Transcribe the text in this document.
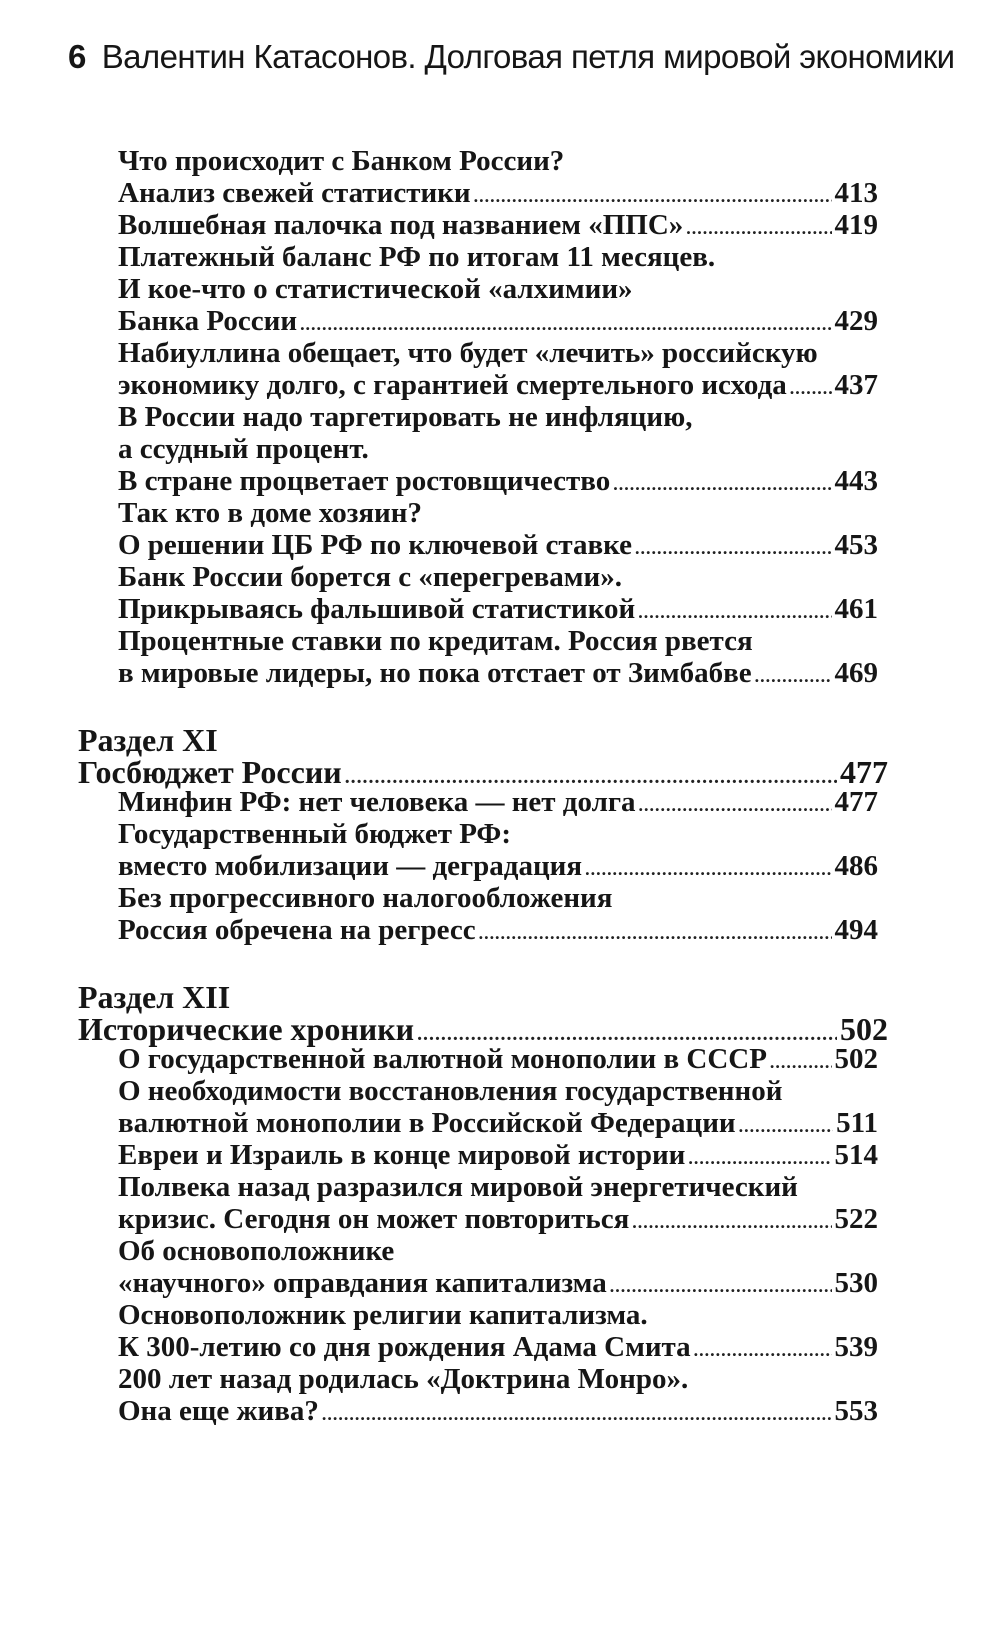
6 Валентин Катасонов. Долговая петля мировой экономики
Что происходит с Банком России?
Анализ свежей статистики .....	413
Волшебная палочка под названием «ППС» .....	419
Платежный баланс РФ по итогам 11 месяцев.
И кое-что о статистической «алхимии»
Банка России .....	429
Набиуллина обещает, что будет «лечить» российскую
экономику долго, с гарантией смертельного исхода ..... 437
В России надо таргетировать не инфляцию,
а ссудный процент.
В стране процветает ростовщичество .....	443
Так кто в доме хозяин?
О решении ЦБ РФ по ключевой ставке .....	453
Банк России борется с «перегревами».
Прикрываясь фальшивой статистикой .....	461
Процентные ставки по кредитам. Россия рвется
в мировые лидеры, но пока отстает от Зимбабве .....	469
Раздел XI
Госбюджет России .....	477
Минфин РФ: нет человека — нет долга .....	477
Государственный бюджет РФ:
вместо мобилизации — деградация .....	486
Без прогрессивного налогообложения
Россия обречена на регресс .....	494
Раздел XII
Исторические хроники .....	502
О государственной валютной монополии в СССР ..... 502
О необходимости восстановления государственной
валютной монополии в Российской Федерации .....	511
Евреи и Израиль в конце мировой истории .....	514
Полвека назад разразился мировой энергетический
кризис. Сегодня он может повториться .....	522
Об основоположнике
«научного» оправдания капитализма .....	530
Основоположник религии капитализма.
К 300-летию со дня рождения Адама Смита .....	539
200 лет назад родилась «Доктрина Монро».
Она еще жива? .....	553
